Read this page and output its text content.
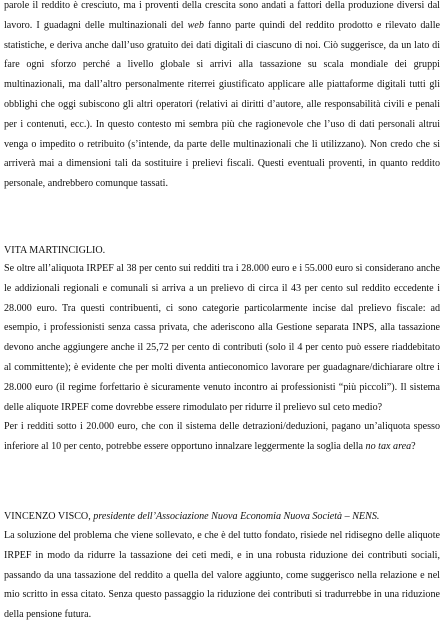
parole il reddito è cresciuto, ma i proventi della crescita sono andati a fattori della produzione diversi dal lavoro. I guadagni delle multinazionali del web fanno parte quindi del reddito prodotto e rilevato dalle statistiche, e deriva anche dall’uso gratuito dei dati digitali di ciascuno di noi. Ciò suggerisce, da un lato di fare ogni sforzo perché a livello globale si arrivi alla tassazione su scala mondiale dei gruppi multinazionali, ma dall’altro personalmente riterrei giustificato applicare alle piattaforme digitali tutti gli obblighi che oggi subiscono gli altri operatori (relativi ai diritti d’autore, alle responsabilità civili e penali per i contenuti, ecc.). In questo contesto mi sembra più che ragionevole che l’uso di dati personali altrui venga o impedito o retribuito (s’intende, da parte delle multinazionali che li utilizzano). Non credo che si arriverà mai a dimensioni tali da sostituire i prelievi fiscali. Questi eventuali proventi, in quanto reddito personale, andrebbero comunque tassati.

VITA MARTINCIGLIO.

Se oltre all’aliquota IRPEF al 38 per cento sui redditi tra i 28.000 euro e i 55.000 euro si considerano anche le addizionali regionali e comunali si arriva a un prelievo di circa il 43 per cento sul reddito eccedente i 28.000 euro. Tra questi contribuenti, ci sono categorie particolarmente incise dal prelievo fiscale: ad esempio, i professionisti senza cassa privata, che aderiscono alla Gestione separata INPS, alla tassazione devono anche aggiungere anche il 25,72 per cento di contributi (solo il 4 per cento può essere riaddebitato al committente); è evidente che per molti diventa antieconomico lavorare per guadagnare/dichiarare oltre i 28.000 euro (il regime forfettario è sicuramente venuto incontro ai professionisti “più piccoli”). Il sistema delle aliquote IRPEF come dovrebbe essere rimodulato per ridurre il prelievo sul ceto medio?

Per i redditi sotto i 20.000 euro, che con il sistema delle detrazioni/deduzioni, pagano un’aliquota spesso inferiore al 10 per cento, potrebbe essere opportuno innalzare leggermente la soglia della no tax area?

VINCENZO VISCO, presidente dell’Associazione Nuova Economia Nuova Società – NENS.

La soluzione del problema che viene sollevato, e che è del tutto fondato, risiede nel ridisegno delle aliquote IRPEF in modo da ridurre la tassazione dei ceti medi, e in una robusta riduzione dei contributi sociali, passando da una tassazione del reddito a quella del valore aggiunto, come suggerisco nella relazione e nel mio scritto in essa citato. Senza questo passaggio la riduzione dei contributi si tradurrebbe in una riduzione della pensione futura.
